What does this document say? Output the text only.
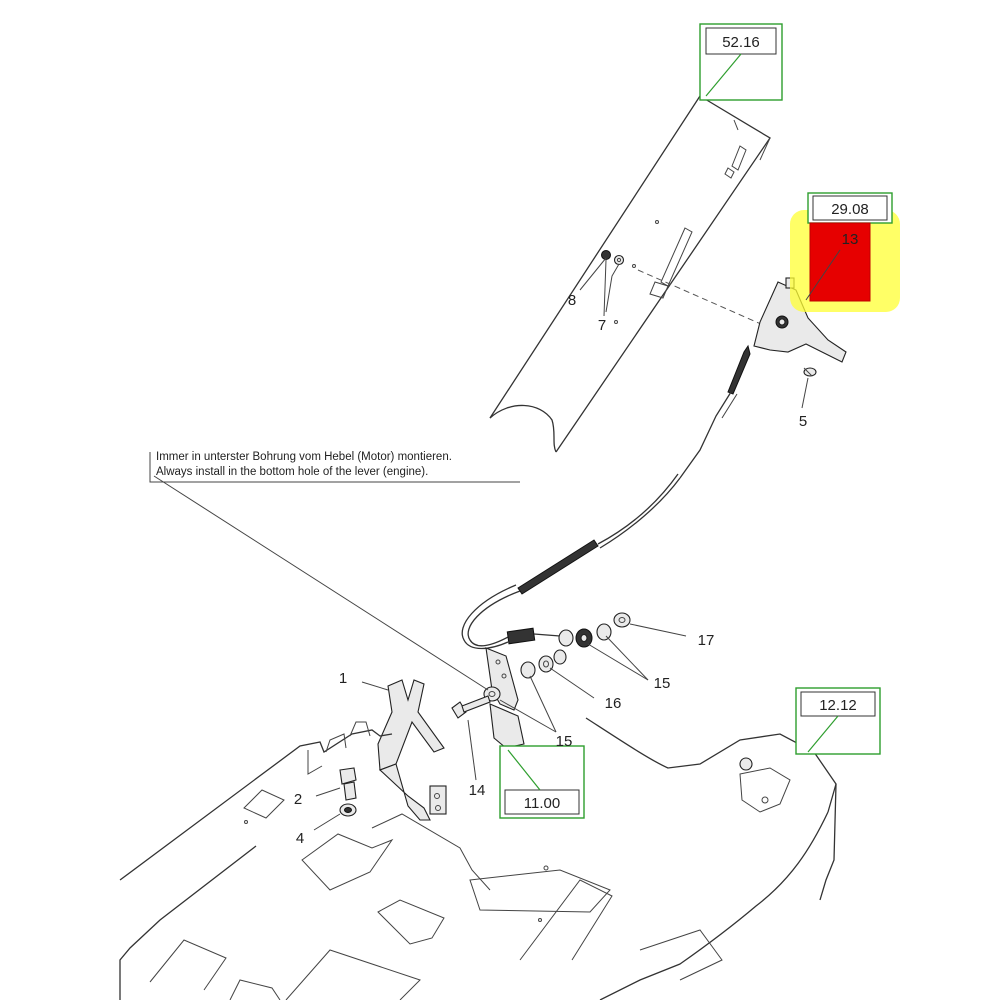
Immer in unterster Bohrung vom Hebel (Motor) montieren.
Always install in the bottom hole of the lever (engine).
52.16
29.08
13
12.12
11.00
8
7
5
1
2
4
14
15
16
15
17
